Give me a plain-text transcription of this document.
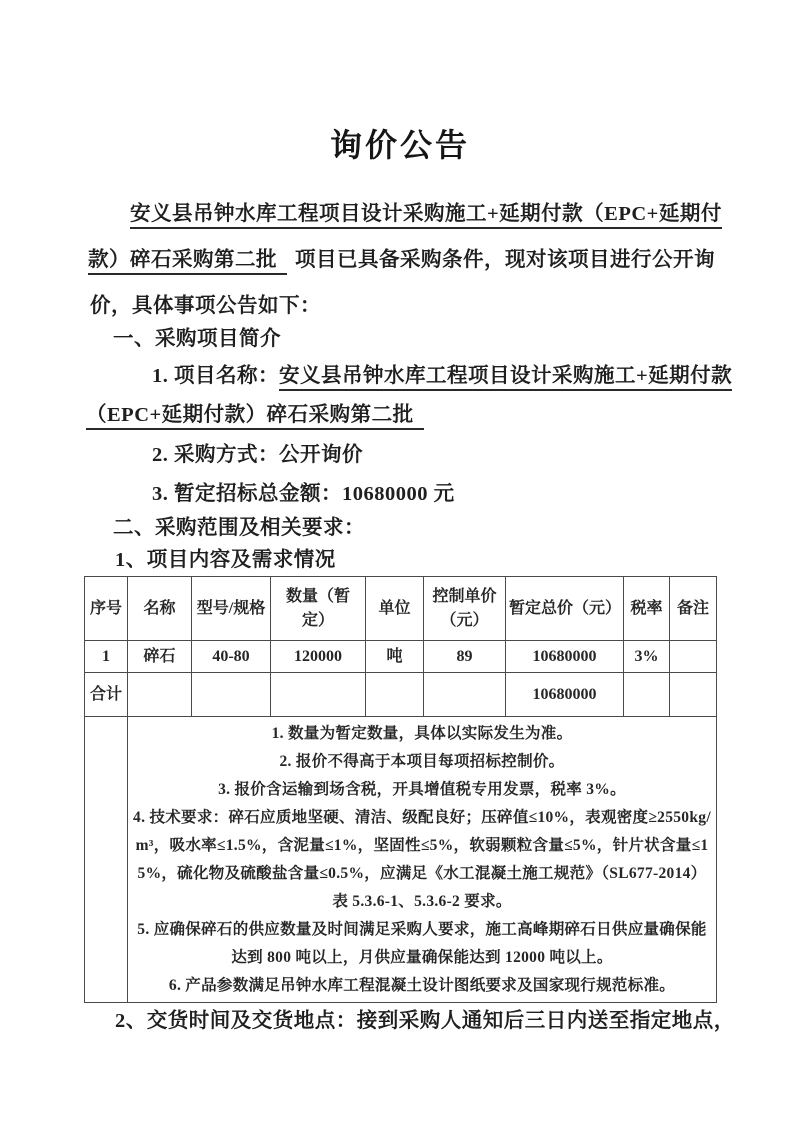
询价公告
安义县吊钟水库工程项目设计采购施工+延期付款（EPC+延期付
款）碎石采购第二批 项目已具备采购条件，现对该项目进行公开询
价，具体事项公告如下：
一、采购项目简介
1. 项目名称：安义县吊钟水库工程项目设计采购施工+延期付款
（EPC+延期付款）碎石采购第二批
2. 采购方式：公开询价
3. 暂定招标总金额：10680000 元
二、采购范围及相关要求：
1、项目内容及需求情况
序号	名称	型号/规格	数量（暂定）	单位	控制单价（元）	暂定总价（元）	税率	备注
1	碎石	40-80	120000	吨	89	10680000	3%	
合计						10680000		

1. 数量为暂定数量，具体以实际发生为准。

2. 报价不得高于本项目每项招标控制价。

3. 报价含运输到场含税，开具增值税专用发票，税率 3%。

4. 技术要求：碎石应质地坚硬、清洁、级配良好；压碎值≤10%，表观密度≥2550kg/m³，吸水率≤1.5%，含泥量≤1%，坚固性≤5%，软弱颗粒含量≤5%，针片状含量≤15%，硫化物及硫酸盐含量≤0.5%，应满足《水工混凝土施工规范》（SL677-2014）表 5.3.6-1、5.3.6-2 要求。

5. 应确保碎石的供应数量及时间满足采购人要求，施工高峰期碎石日供应量确保能达到 800 吨以上，月供应量确保能达到 12000 吨以上。

6. 产品参数满足吊钟水库工程混凝土设计图纸要求及国家现行规范标准。

2、交货时间及交货地点：接到采购人通知后三日内送至指定地点，
